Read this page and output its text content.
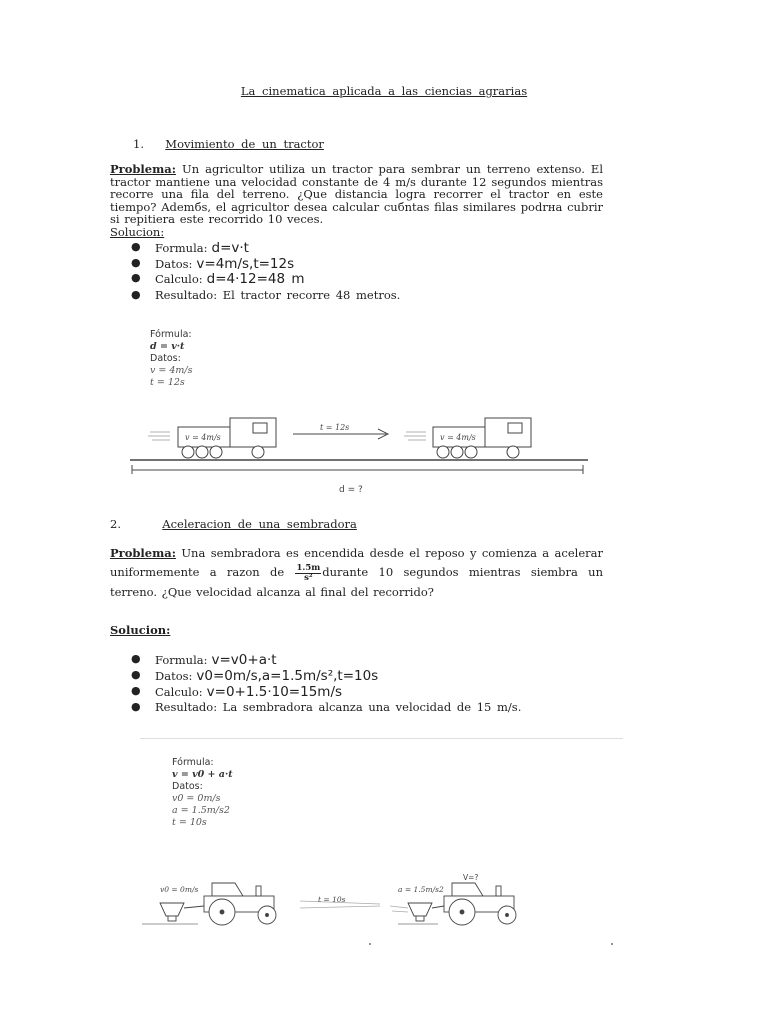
La cinematica aplicada a las ciencias agrarias
1. Movimiento de un tractor
Problema: Un agricultor utiliza un tractor para sembrar un terreno extenso. El tractor mantiene una velocidad constante de 4 m/s durante 12 segundos mientras recorre una fila del terreno. ¿Que distancia logra recorrer el tractor en este tiempo? Ademбs, el agricultor desea calcular cuбntas filas similares podrнa cubrir si repitiera este recorrido 10 veces.
Solucion:
● Formula: d=v·t
● Datos: v=4m/s,t=12s
● Calculo: d=4·12=48 m
● Resultado: El tractor recorre 48 metros.
Fórmula:
d = v·t
Datos:
v = 4m/s
t = 12s
v = 4m/s
t = 12s
v = 4m/s
d = ?
2.	Aceleracion de una sembradora
Problema: Una sembradora es encendida desde el reposo y comienza a acelerar uniformemente a razon de $\frac{1.5m}{\text{s²}}$ durante 10 segundos mientras siembra un terreno. ¿Que velocidad alcanza al final del recorrido?
Solucion:
● Formula: v=v0+a·t
● Datos: v0=0m/s,a=1.5m/s²,t=10s
● Calculo: v=0+1.5·10=15m/s
● Resultado: La sembradora alcanza una velocidad de 15 m/s.
Fórmula:
v = v0 + a·t
Datos:
v0 = 0m/s
a = 1.5m/s2
t = 10s
v0 = 0m/s
t = 10s
V=?
a = 1.5m/s2
